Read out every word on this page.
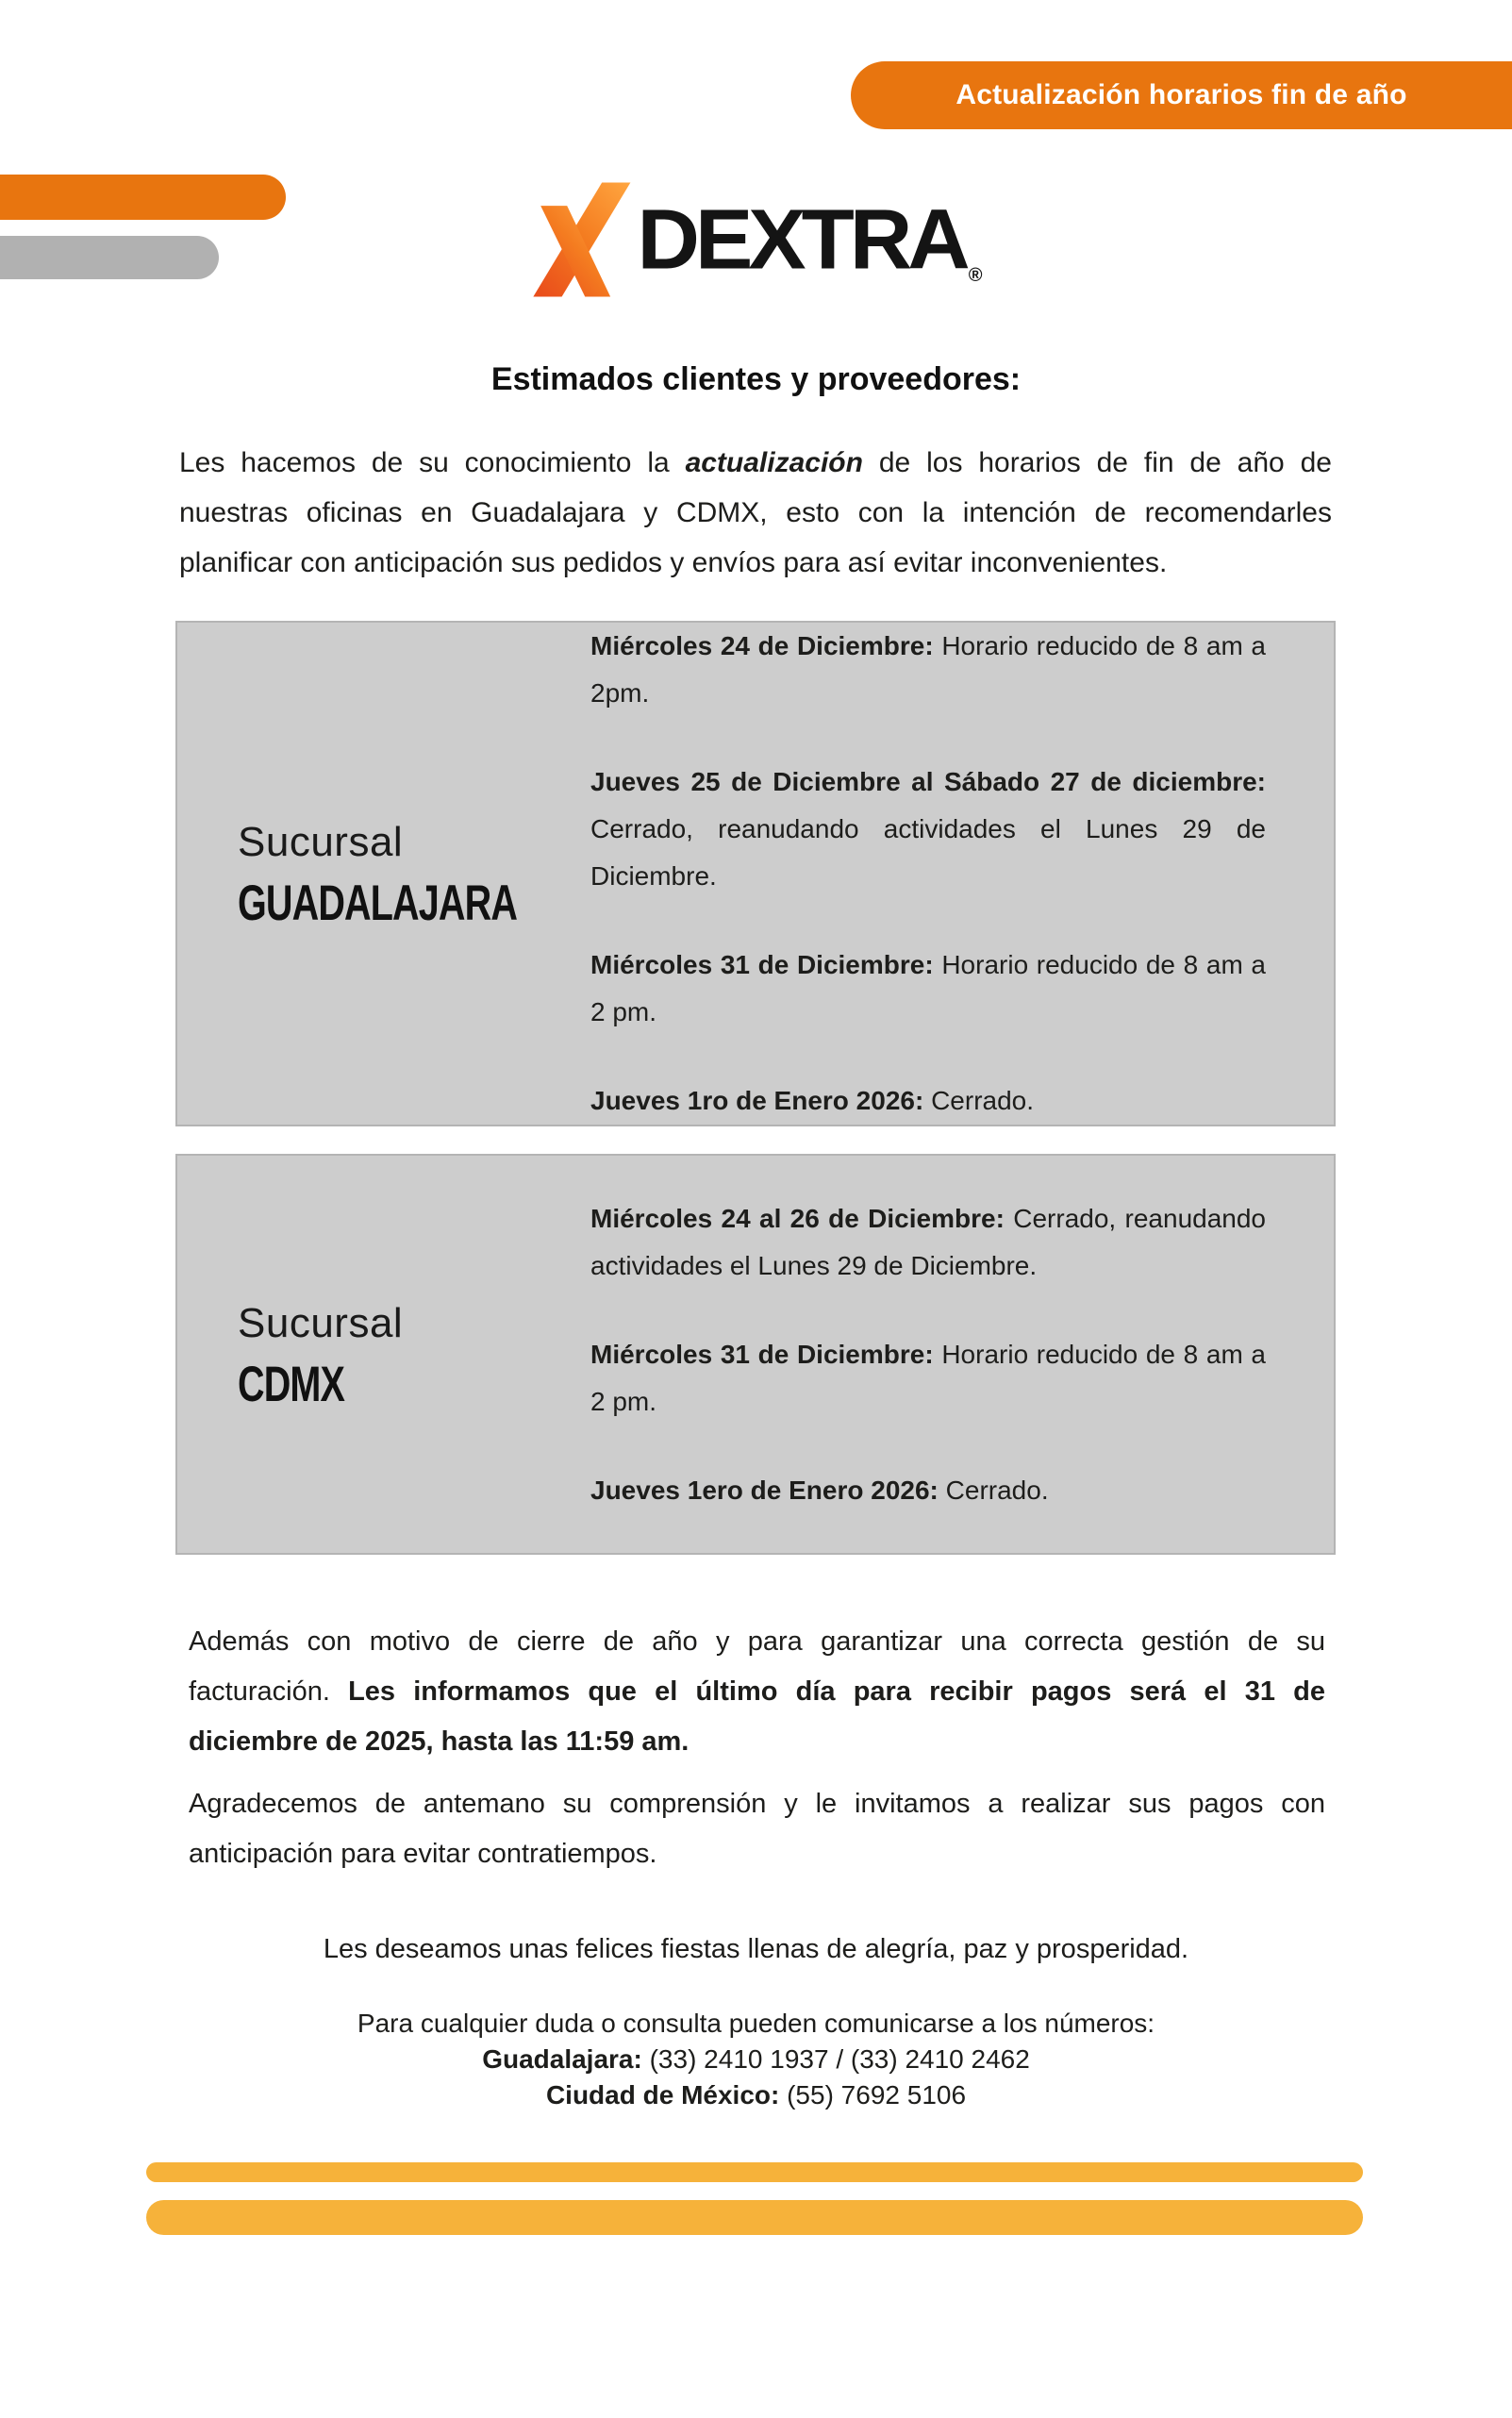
Actualización horarios fin de año
DEXTRA ®
Estimados clientes y proveedores:

Les hacemos de su conocimiento la actualización de los horarios de fin de año de nuestras oficinas en Guadalajara y CDMX, esto con la intención de recomendarles planificar con anticipación sus pedidos y envíos para así evitar inconvenientes.

Sucursal
GUADALAJARA

Miércoles 24 de Diciembre: Horario reducido de 8 am a 2pm.

Jueves 25 de Diciembre al Sábado 27 de diciembre: Cerrado, reanudando actividades el Lunes 29 de Diciembre.

Miércoles 31 de Diciembre: Horario reducido de 8 am a 2 pm.

Jueves 1ro de Enero 2026: Cerrado.

Sucursal
CDMX

Miércoles 24 al 26 de Diciembre: Cerrado, reanudando actividades el Lunes 29 de Diciembre.

Miércoles 31 de Diciembre: Horario reducido de 8 am a 2 pm.

Jueves 1ero de Enero 2026: Cerrado.

Además con motivo de cierre de año y para garantizar una correcta gestión de su facturación. Les informamos que el último día para recibir pagos será el 31 de diciembre de 2025, hasta las 11:59 am.

Agradecemos de antemano su comprensión y le invitamos a realizar sus pagos con anticipación para evitar contratiempos.

Les deseamos unas felices fiestas llenas de alegría, paz y prosperidad.

Para cualquier duda o consulta pueden comunicarse a los números:

Guadalajara: (33) 2410 1937 / (33) 2410 2462

Ciudad de México: (55) 7692 5106
